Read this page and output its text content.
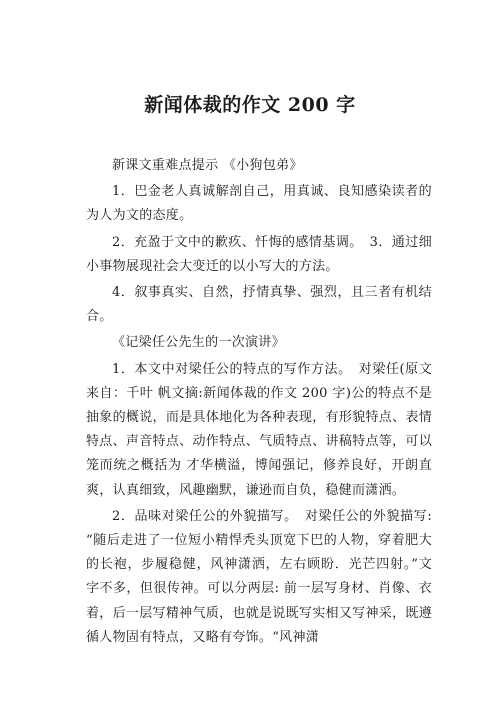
新闻体裁的作文 200 字

新课文重难点提示 《小狗包弟》

1．巴金老人真诚解剖自己，用真诚、良知感染读者的为人为文的态度。

2．充盈于文中的歉疚、忏悔的感情基调。　3．通过细小事物展现社会大变迁的以小写大的方法。

4．叙事真实、自然，抒情真挚、强烈，且三者有机结合。

《记梁任公先生的一次演讲》

1．本文中对梁任公的特点的写作方法。　对梁任(原文来自：千叶 帆文摘:新闻体裁的作文 200 字)公的特点不是抽象的概说，而是具体地化为各种表现，有形貌特点、表情特点、声音特点、动作特点、气质特点、讲稿特点等，可以笼而统之概括为 才华横溢，博闻强记，修养良好，开朗直爽，认真细致，风趣幽默，谦逊而自负，稳健而潇洒。

2．品味对梁任公的外貌描写。　对梁任公的外貌描写: “随后走进了一位短小精悍秃头顶宽下巴的人物，穿着肥大的长袍，步履稳健，风神潇洒，左右顾盼．光芒四射。”文字不多，但很传神。可以分两层: 前一层写身材、肖像、衣着，后一层写精神气质，也就是说既写实相又写神采，既遵循人物固有特点，又略有夸饰。“风神潇
